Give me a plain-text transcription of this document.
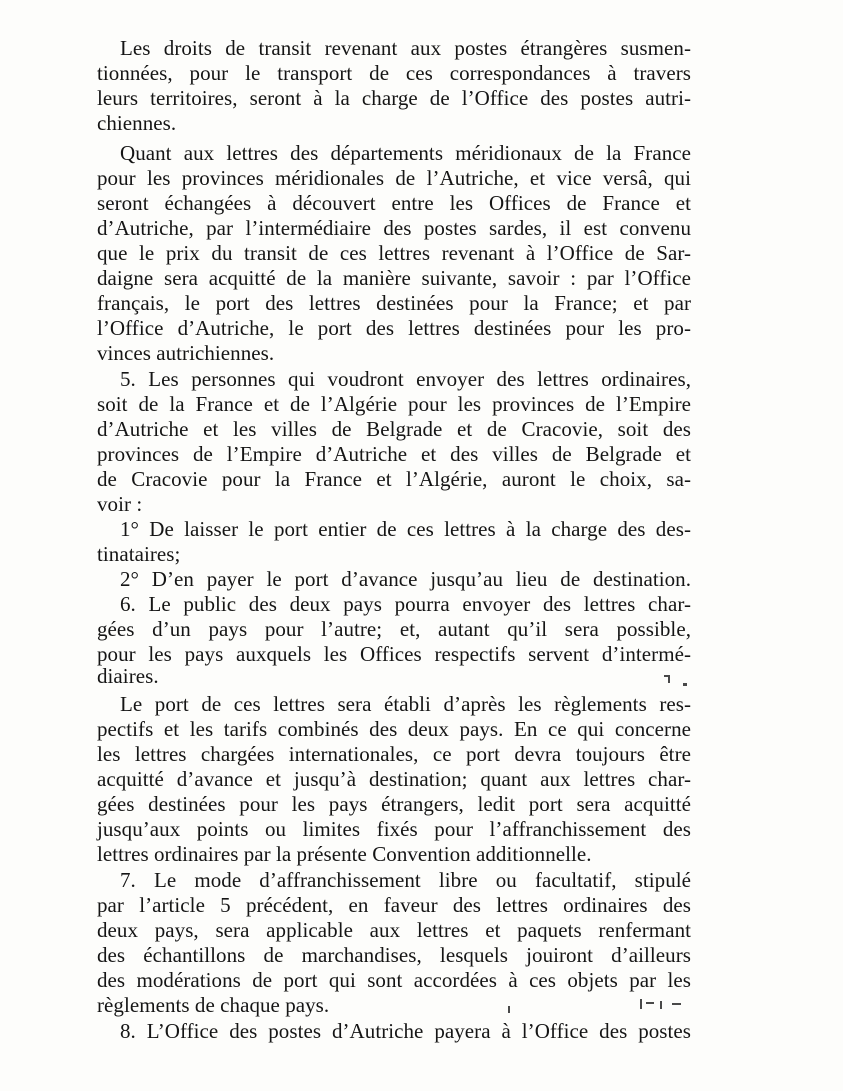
Les droits de transit revenant aux postes étrangères susmen-
tionnées, pour le transport de ces correspondances à travers
leurs territoires, seront à la charge de l’Office des postes autri-
chiennes.
Quant aux lettres des départements méridionaux de la France
pour les provinces méridionales de l’Autriche, et vice versâ, qui
seront échangées à découvert entre les Offices de France et
d’Autriche, par l’intermédiaire des postes sardes, il est convenu
que le prix du transit de ces lettres revenant à l’Office de Sar-
daigne sera acquitté de la manière suivante, savoir : par l’Office
français, le port des lettres destinées pour la France; et par
l’Office d’Autriche, le port des lettres destinées pour les pro-
vinces autrichiennes.
5. Les personnes qui voudront envoyer des lettres ordinaires,
soit de la France et de l’Algérie pour les provinces de l’Empire
d’Autriche et les villes de Belgrade et de Cracovie, soit des
provinces de l’Empire d’Autriche et des villes de Belgrade et
de Cracovie pour la France et l’Algérie, auront le choix, sa-
voir :
1° De laisser le port entier de ces lettres à la charge des des-
tinataires;
2° D’en payer le port d’avance jusqu’au lieu de destination.
6. Le public des deux pays pourra envoyer des lettres char-
gées d’un pays pour l’autre; et, autant qu’il sera possible,
pour les pays auxquels les Offices respectifs servent d’intermé-
diaires.
Le port de ces lettres sera établi d’après les règlements res-
pectifs et les tarifs combinés des deux pays. En ce qui concerne
les lettres chargées internationales, ce port devra toujours être
acquitté d’avance et jusqu’à destination; quant aux lettres char-
gées destinées pour les pays étrangers, ledit port sera acquitté
jusqu’aux points ou limites fixés pour l’affranchissement des
lettres ordinaires par la présente Convention additionnelle.
7. Le mode d’affranchissement libre ou facultatif, stipulé
par l’article 5 précédent, en faveur des lettres ordinaires des
deux pays, sera applicable aux lettres et paquets renfermant
des échantillons de marchandises, lesquels jouiront d’ailleurs
des modérations de port qui sont accordées à ces objets par les
règlements de chaque pays.
8. L’Office des postes d’Autriche payera à l’Office des postes
